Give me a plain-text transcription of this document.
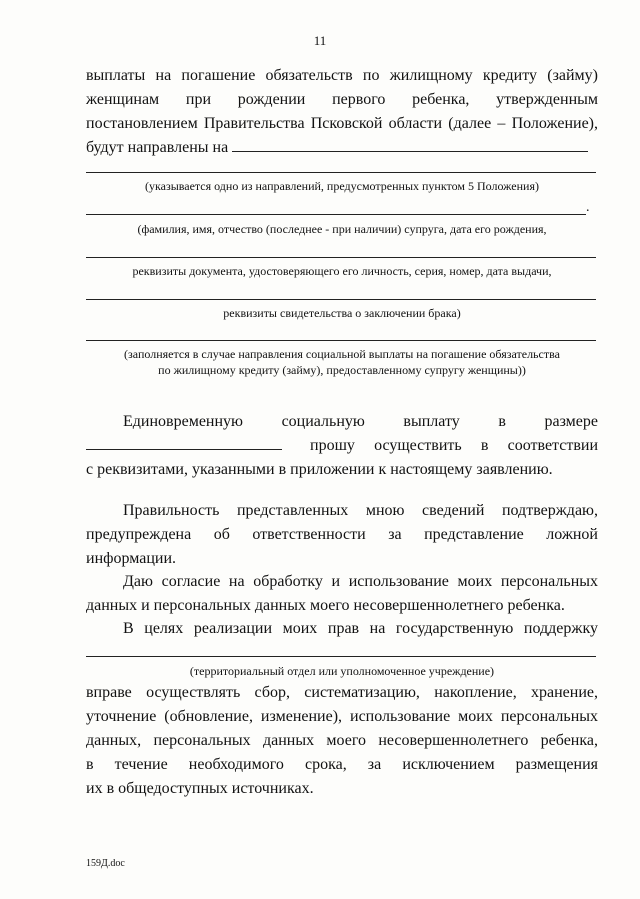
11
выплаты на погашение обязательств по жилищному кредиту (займу)
женщинам при рождении первого ребенка, утвержденным
постановлением Правительства Псковской области (далее – Положение),
будут направлены на
(указывается одно из направлений, предусмотренных пунктом 5 Положения)
.
(фамилия, имя, отчество (последнее - при наличии) супруга, дата его рождения,
реквизиты документа, удостоверяющего его личность, серия, номер, дата выдачи,
реквизиты свидетельства о заключении брака)
(заполняется в случае направления социальной выплаты на погашение обязательства
по жилищному кредиту (займу), предоставленному супругу женщины))
Единовременную социальную выплату в размере
прошу осуществить в соответствии
с реквизитами, указанными в приложении к настоящему заявлению.
Правильность представленных мною сведений подтверждаю,
предупреждена об ответственности за представление ложной
информации.
Даю согласие на обработку и использование моих персональных
данных и персональных данных моего несовершеннолетнего ребенка.
В целях реализации моих прав на государственную поддержку
(территориальный отдел или уполномоченное учреждение)
вправе осуществлять сбор, систематизацию, накопление, хранение,
уточнение (обновление, изменение), использование моих персональных
данных, персональных данных моего несовершеннолетнего ребенка,
в течение необходимого срока, за исключением размещения
их в общедоступных источниках.
159Д.doc
